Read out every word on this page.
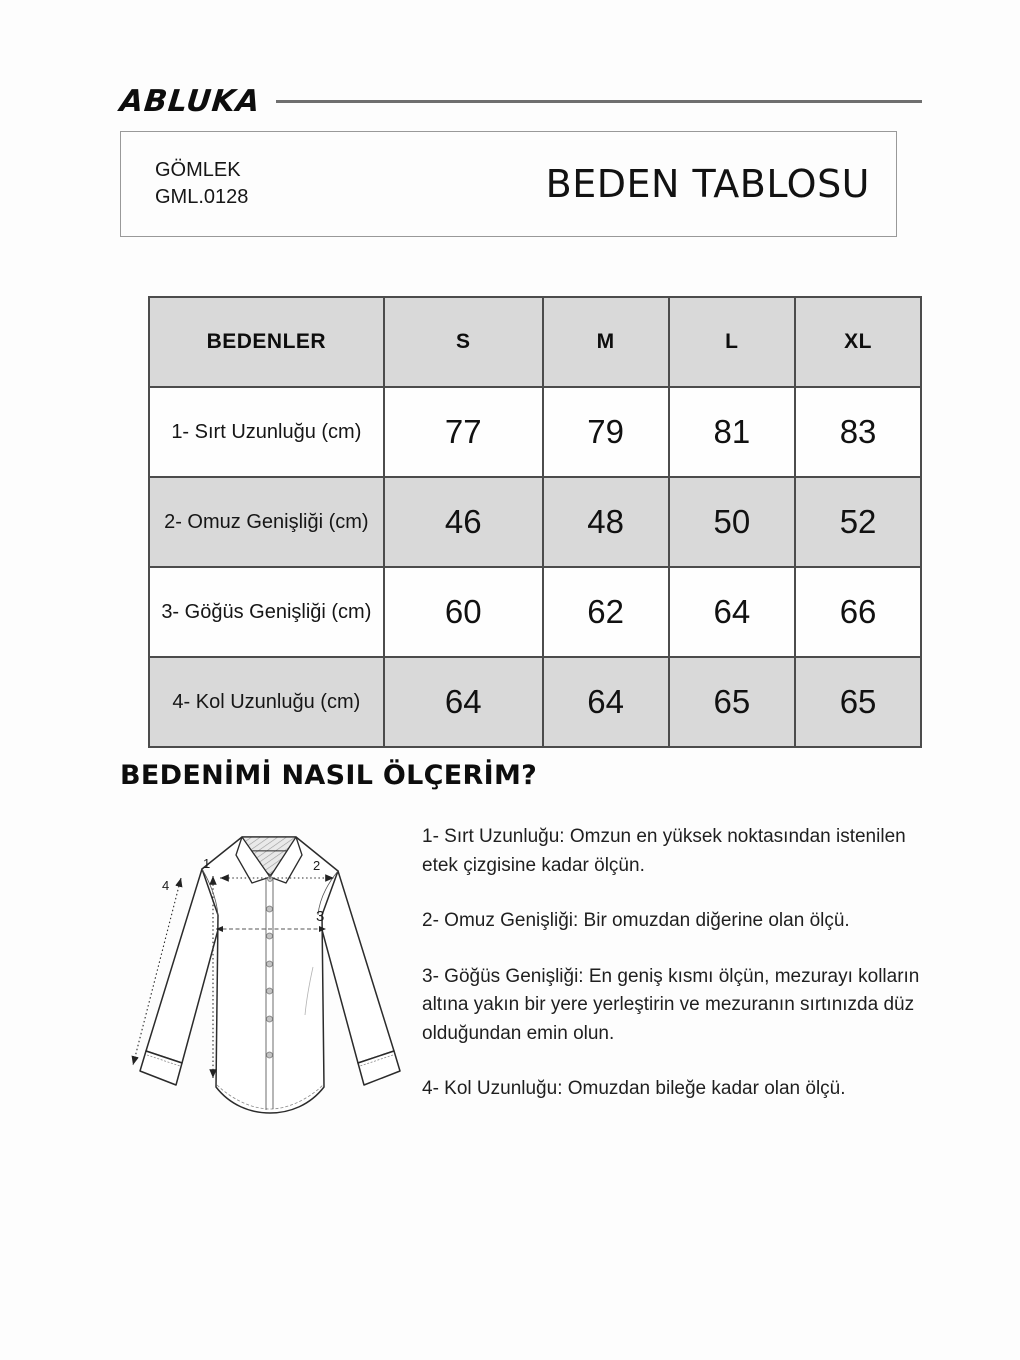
ABLUKA
GÖMLEK
GML.0128	BEDEN TABLOSU
BEDENLER	S	M	L	XL
1- Sırt Uzunluğu (cm)	77	79	81	83
2- Omuz Genişliği (cm)	46	48	50	52
3- Göğüs Genişliği (cm)	60	62	64	66
4- Kol Uzunluğu (cm)	64	64	65	65
BEDENİMİ NASIL ÖLÇERİM?
1	2
3
4

1- Sırt Uzunluğu: Omzun en yüksek noktasından istenilen etek çizgisine kadar ölçün.

2- Omuz Genişliği: Bir omuzdan diğerine olan ölçü.

3- Göğüs Genişliği: En geniş kısmı ölçün, mezurayı kolların altına yakın bir yere yerleştirin ve mezuranın sırtınızda düz olduğundan emin olun.

4- Kol Uzunluğu: Omuzdan bileğe kadar olan ölçü.
